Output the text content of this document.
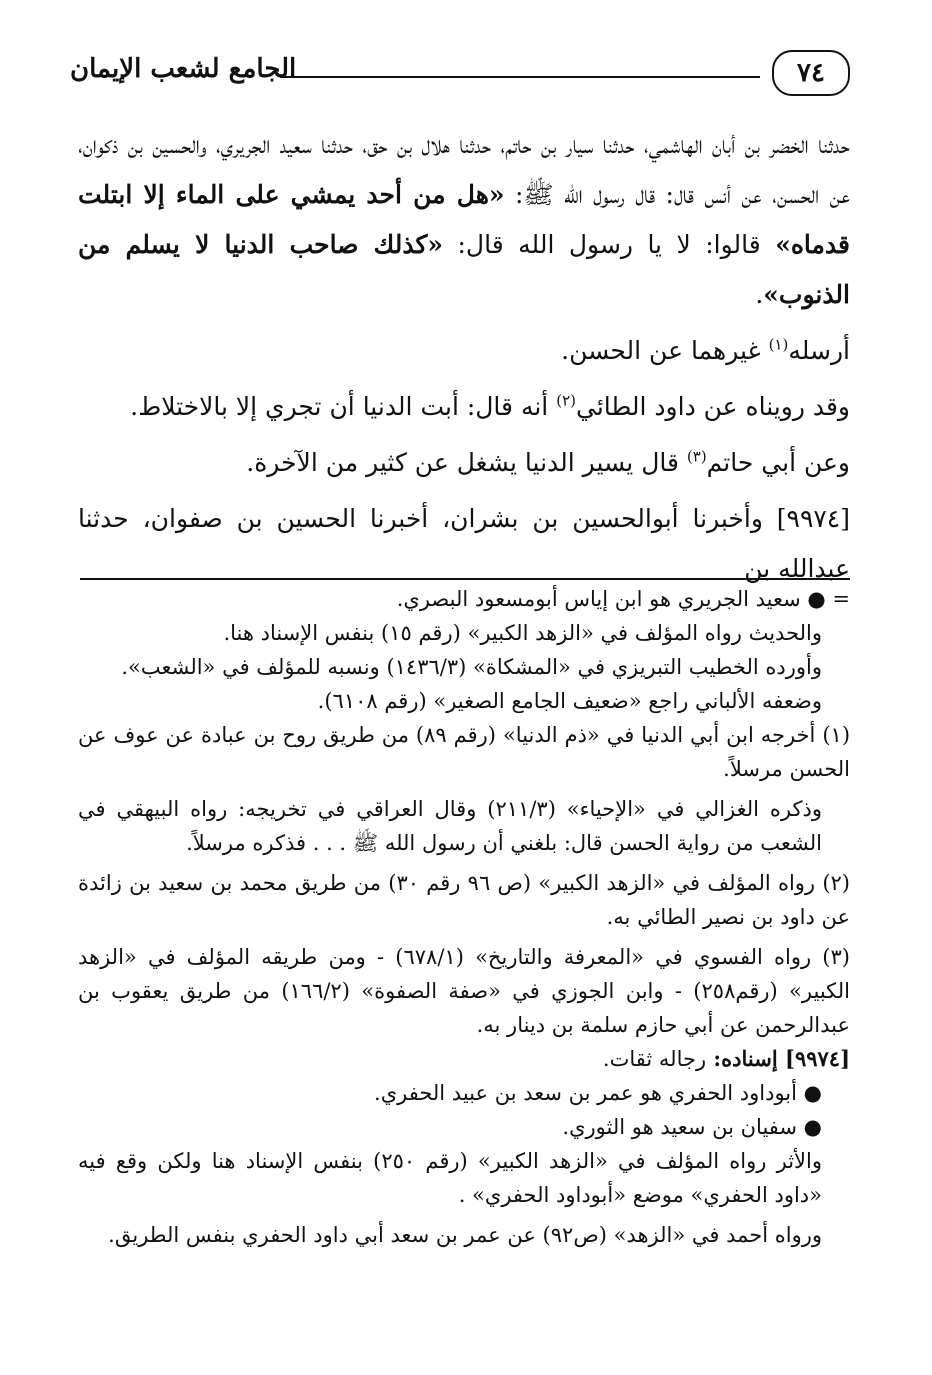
الجامع لشعب الإيمان	٧٤

حدثنا الخضر بن أبان الهاشمي، حدثنا سيار بن حاتم، حدثنا هلال بن حق، حدثنا سعيد الجريري، والحسين بن ذكوان، عن الحسن، عن أنس قال: قال رسول الله ﷺ: «هل من أحد يمشي على الماء إلا ابتلت قدماه» قالوا: لا يا رسول الله قال: «كذلك صاحب الدنيا لا يسلم من الذنوب».

أرسله$^{(١)}$ غيرهما عن الحسن.

وقد رويناه عن داود الطائي$^{(٢)}$ أنه قال: أبت الدنيا أن تجري إلا بالاختلاط.

وعن أبي حاتم$^{(٣)}$ قال يسير الدنيا يشغل عن كثير من الآخرة.

[٩٩٧٤] وأخبرنا أبوالحسين بن بشران، أخبرنا الحسين بن صفوان، حدثنا عبدالله بن

= ● سعيد الجريري هو ابن إياس أبومسعود البصري.

والحديث رواه المؤلف في «الزهد الكبير» (رقم ١٥) بنفس الإسناد هنا.

وأورده الخطيب التبريزي في «المشكاة» (١٤٣٦/٣) ونسبه للمؤلف في «الشعب».

وضعفه الألباني راجع «ضعيف الجامع الصغير» (رقم ٦١٠٨).

(١) أخرجه ابن أبي الدنيا في «ذم الدنيا» (رقم ٨٩) من طريق روح بن عبادة عن عوف عن الحسن مرسلاً.

وذكره الغزالي في «الإحياء» (٢١١/٣) وقال العراقي في تخريجه: رواه البيهقي في الشعب من رواية الحسن قال: بلغني أن رسول الله ﷺ . . . فذكره مرسلاً.

(٢) رواه المؤلف في «الزهد الكبير» (ص ٩٦ رقم ٣٠) من طريق محمد بن سعيد بن زائدة عن داود بن نصير الطائي به.

(٣) رواه الفسوي في «المعرفة والتاريخ» (٦٧٨/١) - ومن طريقه المؤلف في «الزهد الكبير» (رقم٢٥٨) - وابن الجوزي في «صفة الصفوة» (١٦٦/٢) من طريق يعقوب بن عبدالرحمن عن أبي حازم سلمة بن دينار به.

[٩٩٧٤] إسناده: رجاله ثقات.

● أبوداود الحفري هو عمر بن سعد بن عبيد الحفري.

● سفيان بن سعيد هو الثوري.

والأثر رواه المؤلف في «الزهد الكبير» (رقم ٢٥٠) بنفس الإسناد هنا ولكن وقع فيه «داود الحفري» موضع «أبوداود الحفري» .

ورواه أحمد في «الزهد» (ص٩٢) عن عمر بن سعد أبي داود الحفري بنفس الطريق.
